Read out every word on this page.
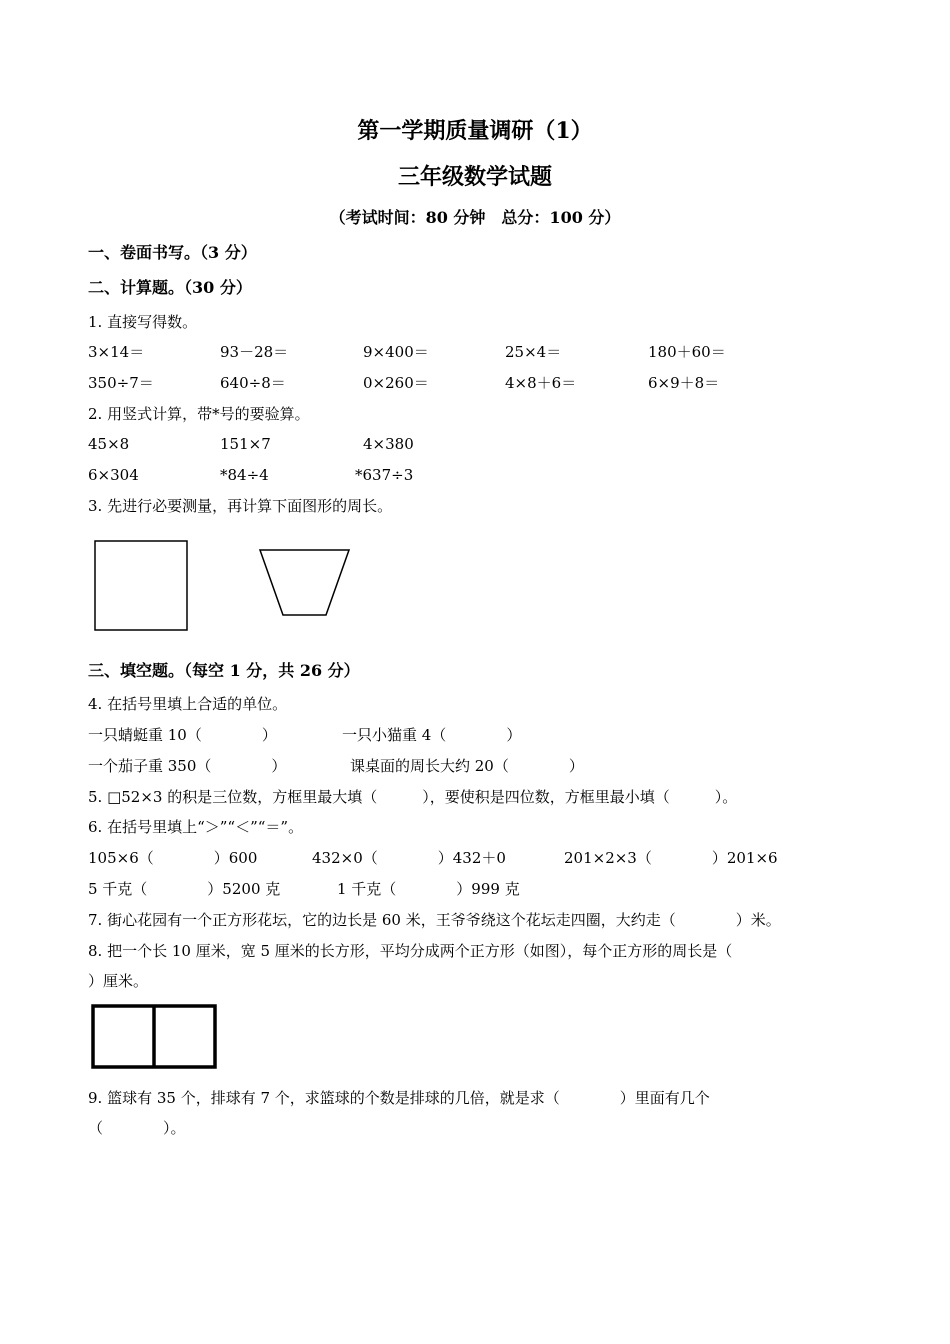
第一学期质量调研（1）
三年级数学试题
（考试时间：80 分钟　总分：100 分）
一、卷面书写。（3 分）
二、计算题。（30 分）
1. 直接写得数。
3×14＝	93－28＝	9×400＝	25×4＝	180＋60＝
350÷7＝	640÷8＝	0×260＝	4×8＋6＝	6×9＋8＝
2. 用竖式计算，带*号的要验算。
45×8	151×7	4×380
6×304	*84÷4	*637÷3
3. 先进行必要测量，再计算下面图形的周长。
三、填空题。（每空 1 分，共 26 分）
4. 在括号里填上合适的单位。
一只蜻蜓重 10（　　　　）	一只小猫重 4（　　　　）
一个茄子重 350（　　　　）	课桌面的周长大约 20（　　　　）
5. □52×3 的积是三位数，方框里最大填（　　　），要使积是四位数，方框里最小填（　　　）。
6. 在括号里填上“＞”“＜”“＝”。
105×6（　　　　）600	432×0（　　　　）432＋0	201×2×3（　　　　）201×6
5 千克（　　　　）5200 克	1 千克（　　　　）999 克
7. 街心花园有一个正方形花坛，它的边长是 60 米，王爷爷绕这个花坛走四圈，大约走（　　　　）米。
8. 把一个长 10 厘米，宽 5 厘米的长方形，平均分成两个正方形（如图），每个正方形的周长是（
）厘米。
9. 篮球有 35 个，排球有 7 个，求篮球的个数是排球的几倍，就是求（　　　　）里面有几个
（　　　　）。
